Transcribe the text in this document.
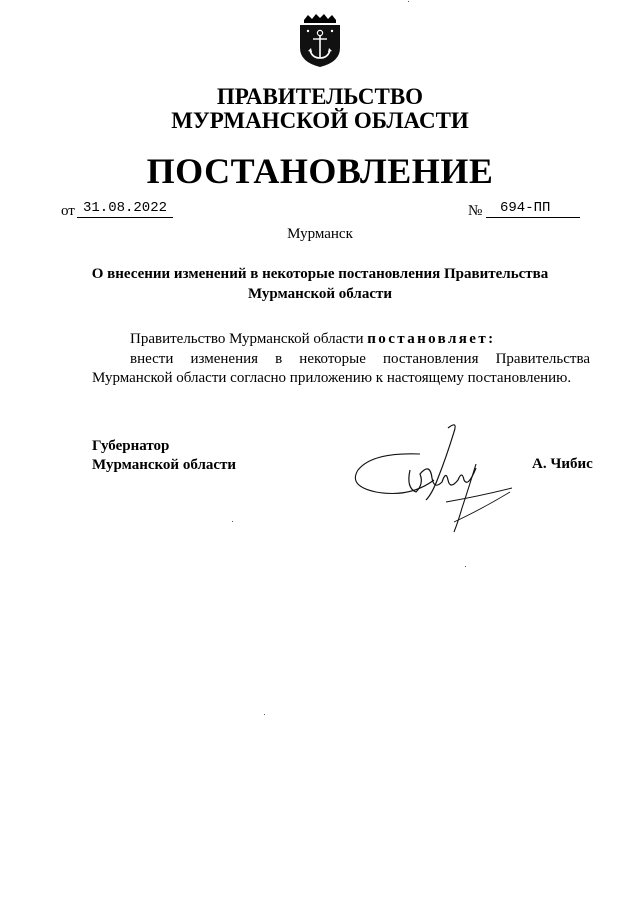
ПРАВИТЕЛЬСТВО
МУРМАНСКОЙ ОБЛАСТИ
ПОСТАНОВЛЕНИЕ
от 31.08.2022	№	694-ПП
Мурманск
О внесении изменений в некоторые постановления Правительства
Мурманской области
Правительство Мурманской области постановляет:
внести изменения в некоторые постановления Правительства Мурманской области согласно приложению к настоящему постановлению.
Губернатор
Мурманской области	А. Чибис
